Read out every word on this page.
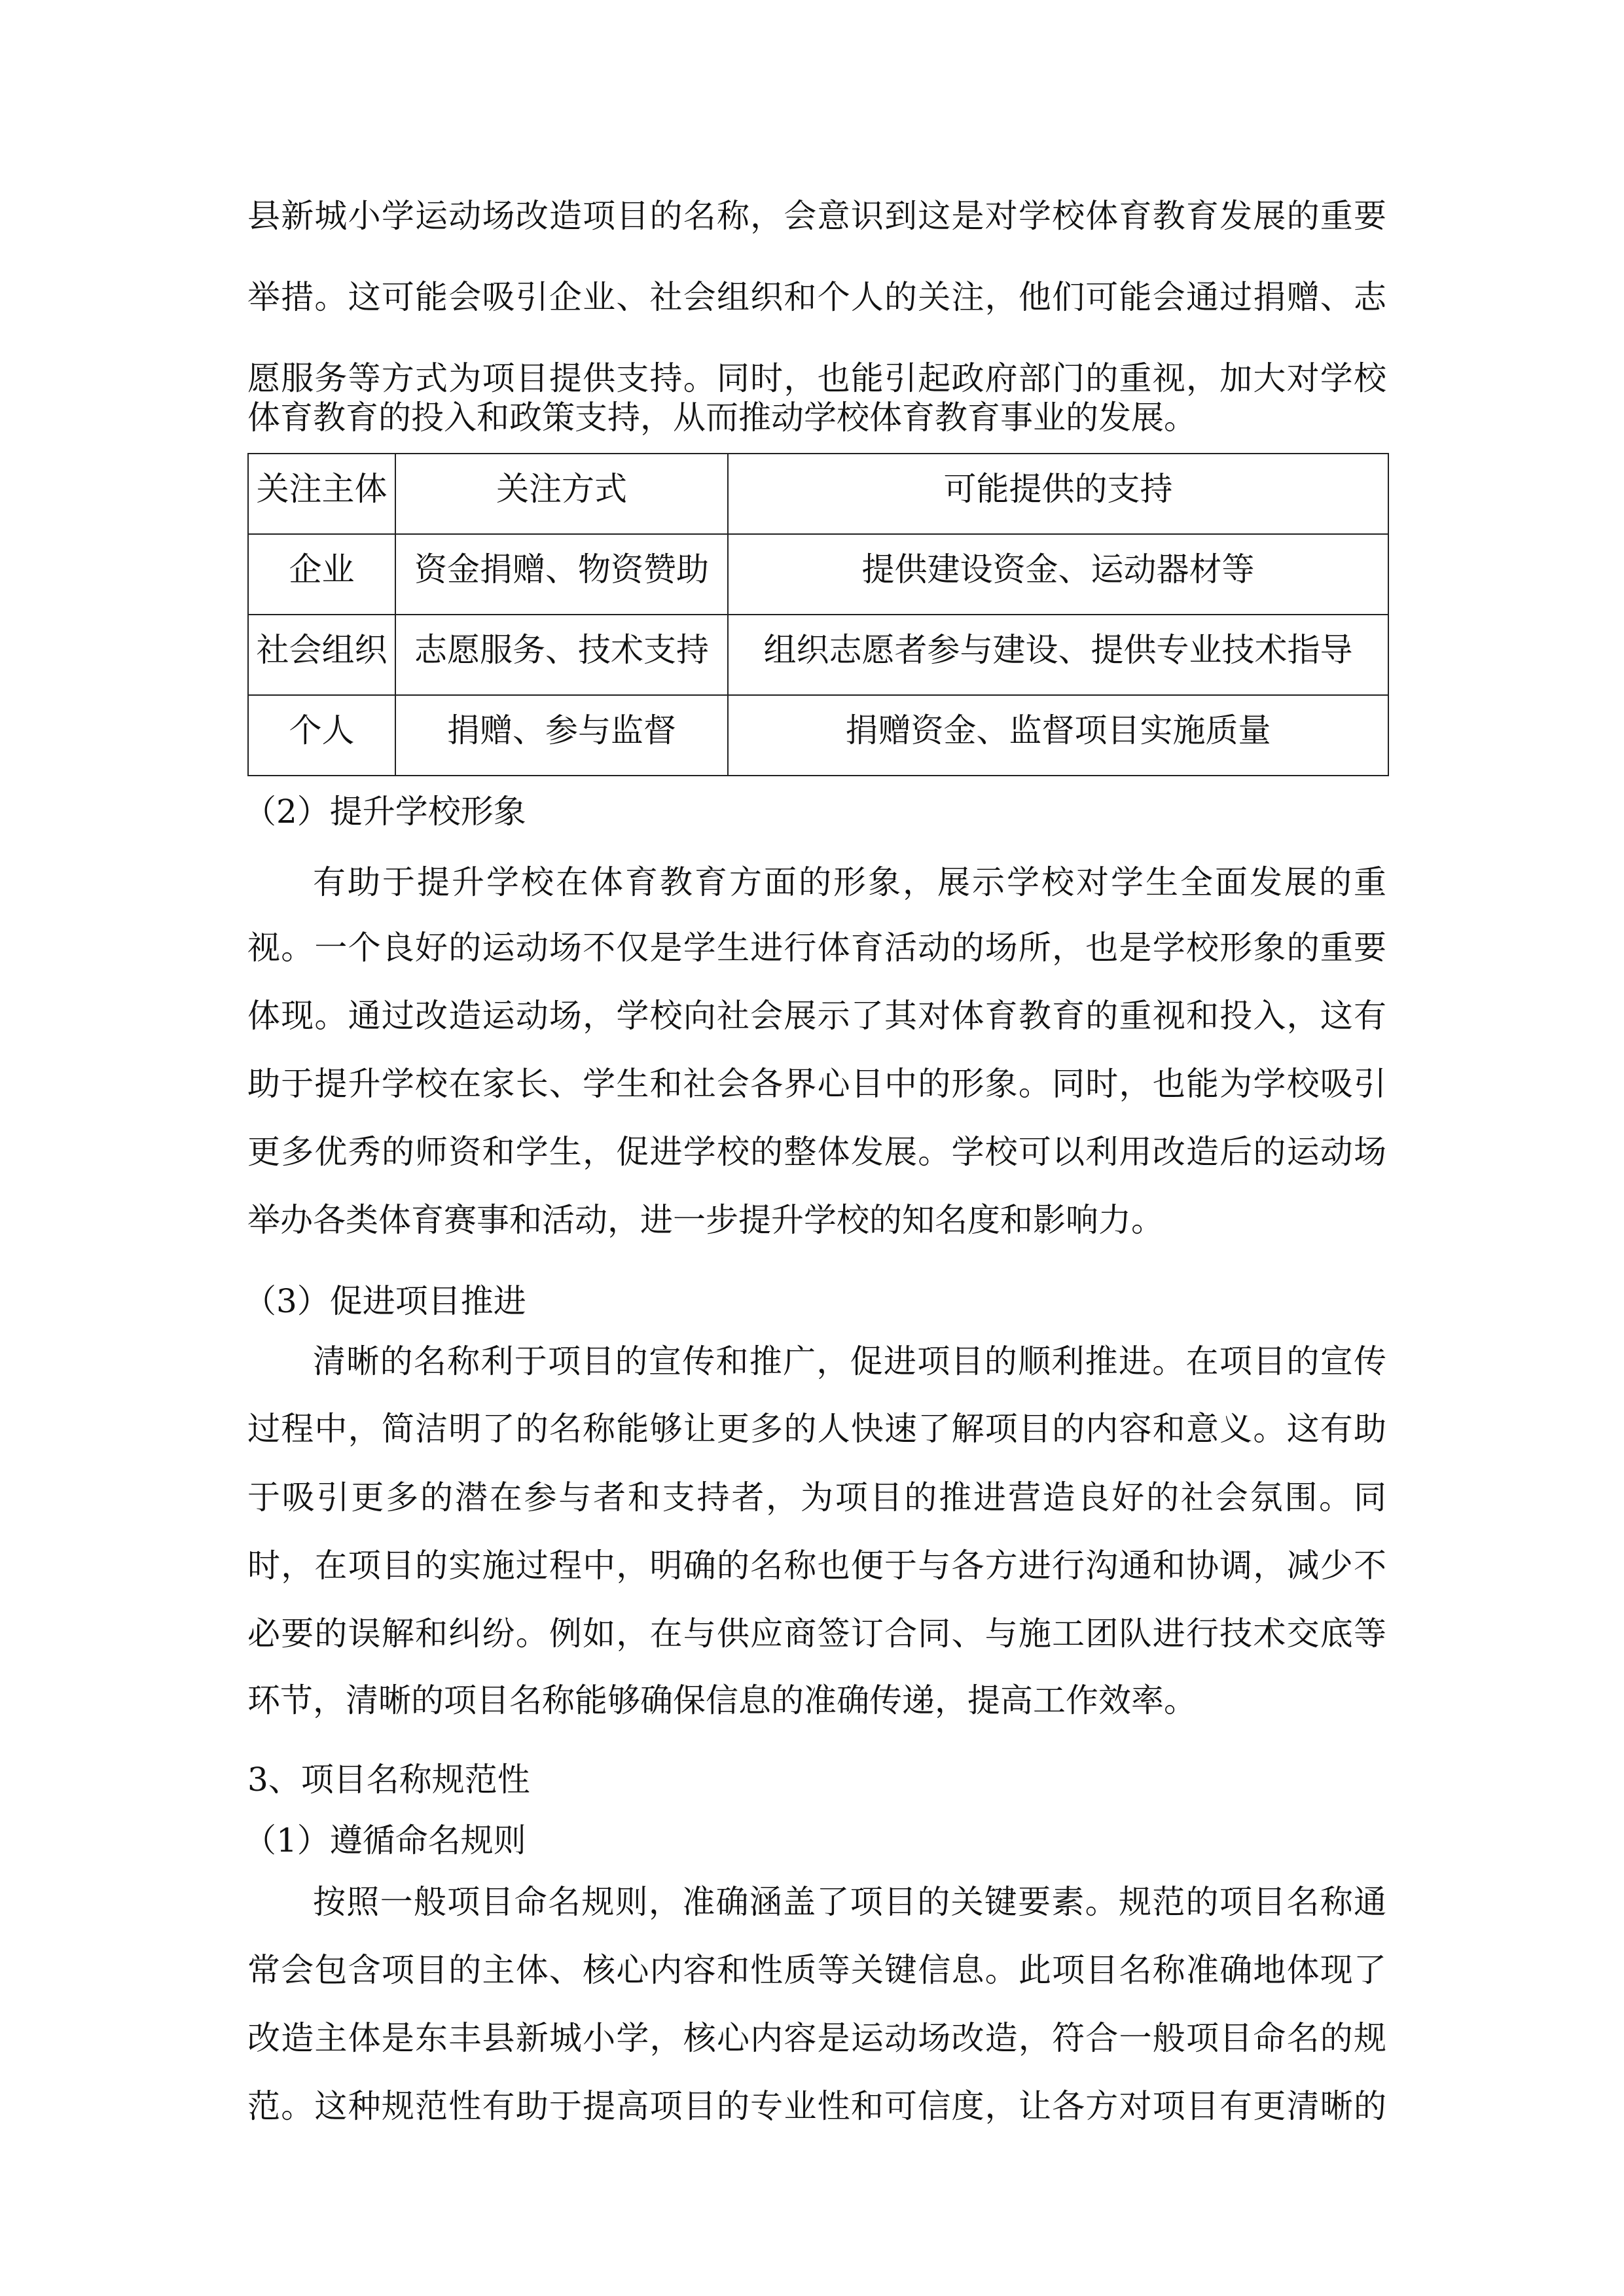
县新城小学运动场改造项目的名称，会意识到这是对学校体育教育发展的重要
举措。这可能会吸引企业、社会组织和个人的关注，他们可能会通过捐赠、志
愿服务等方式为项目提供支持。同时，也能引起政府部门的重视，加大对学校
体育教育的投入和政策支持，从而推动学校体育教育事业的发展。
关注主体	关注方式	可能提供的支持
企业	资金捐赠、物资赞助	提供建设资金、运动器材等
社会组织	志愿服务、技术支持	组织志愿者参与建设、提供专业技术指导
个人	捐赠、参与监督	捐赠资金、监督项目实施质量
（2）提升学校形象
有助于提升学校在体育教育方面的形象，展示学校对学生全面发展的重
视。一个良好的运动场不仅是学生进行体育活动的场所，也是学校形象的重要
体现。通过改造运动场，学校向社会展示了其对体育教育的重视和投入，这有
助于提升学校在家长、学生和社会各界心目中的形象。同时，也能为学校吸引
更多优秀的师资和学生，促进学校的整体发展。学校可以利用改造后的运动场
举办各类体育赛事和活动，进一步提升学校的知名度和影响力。
（3）促进项目推进
清晰的名称利于项目的宣传和推广，促进项目的顺利推进。在项目的宣传
过程中，简洁明了的名称能够让更多的人快速了解项目的内容和意义。这有助
于吸引更多的潜在参与者和支持者，为项目的推进营造良好的社会氛围。同
时，在项目的实施过程中，明确的名称也便于与各方进行沟通和协调，减少不
必要的误解和纠纷。例如，在与供应商签订合同、与施工团队进行技术交底等
环节，清晰的项目名称能够确保信息的准确传递，提高工作效率。
3、项目名称规范性
（1）遵循命名规则
按照一般项目命名规则，准确涵盖了项目的关键要素。规范的项目名称通
常会包含项目的主体、核心内容和性质等关键信息。此项目名称准确地体现了
改造主体是东丰县新城小学，核心内容是运动场改造，符合一般项目命名的规
范。这种规范性有助于提高项目的专业性和可信度，让各方对项目有更清晰的
